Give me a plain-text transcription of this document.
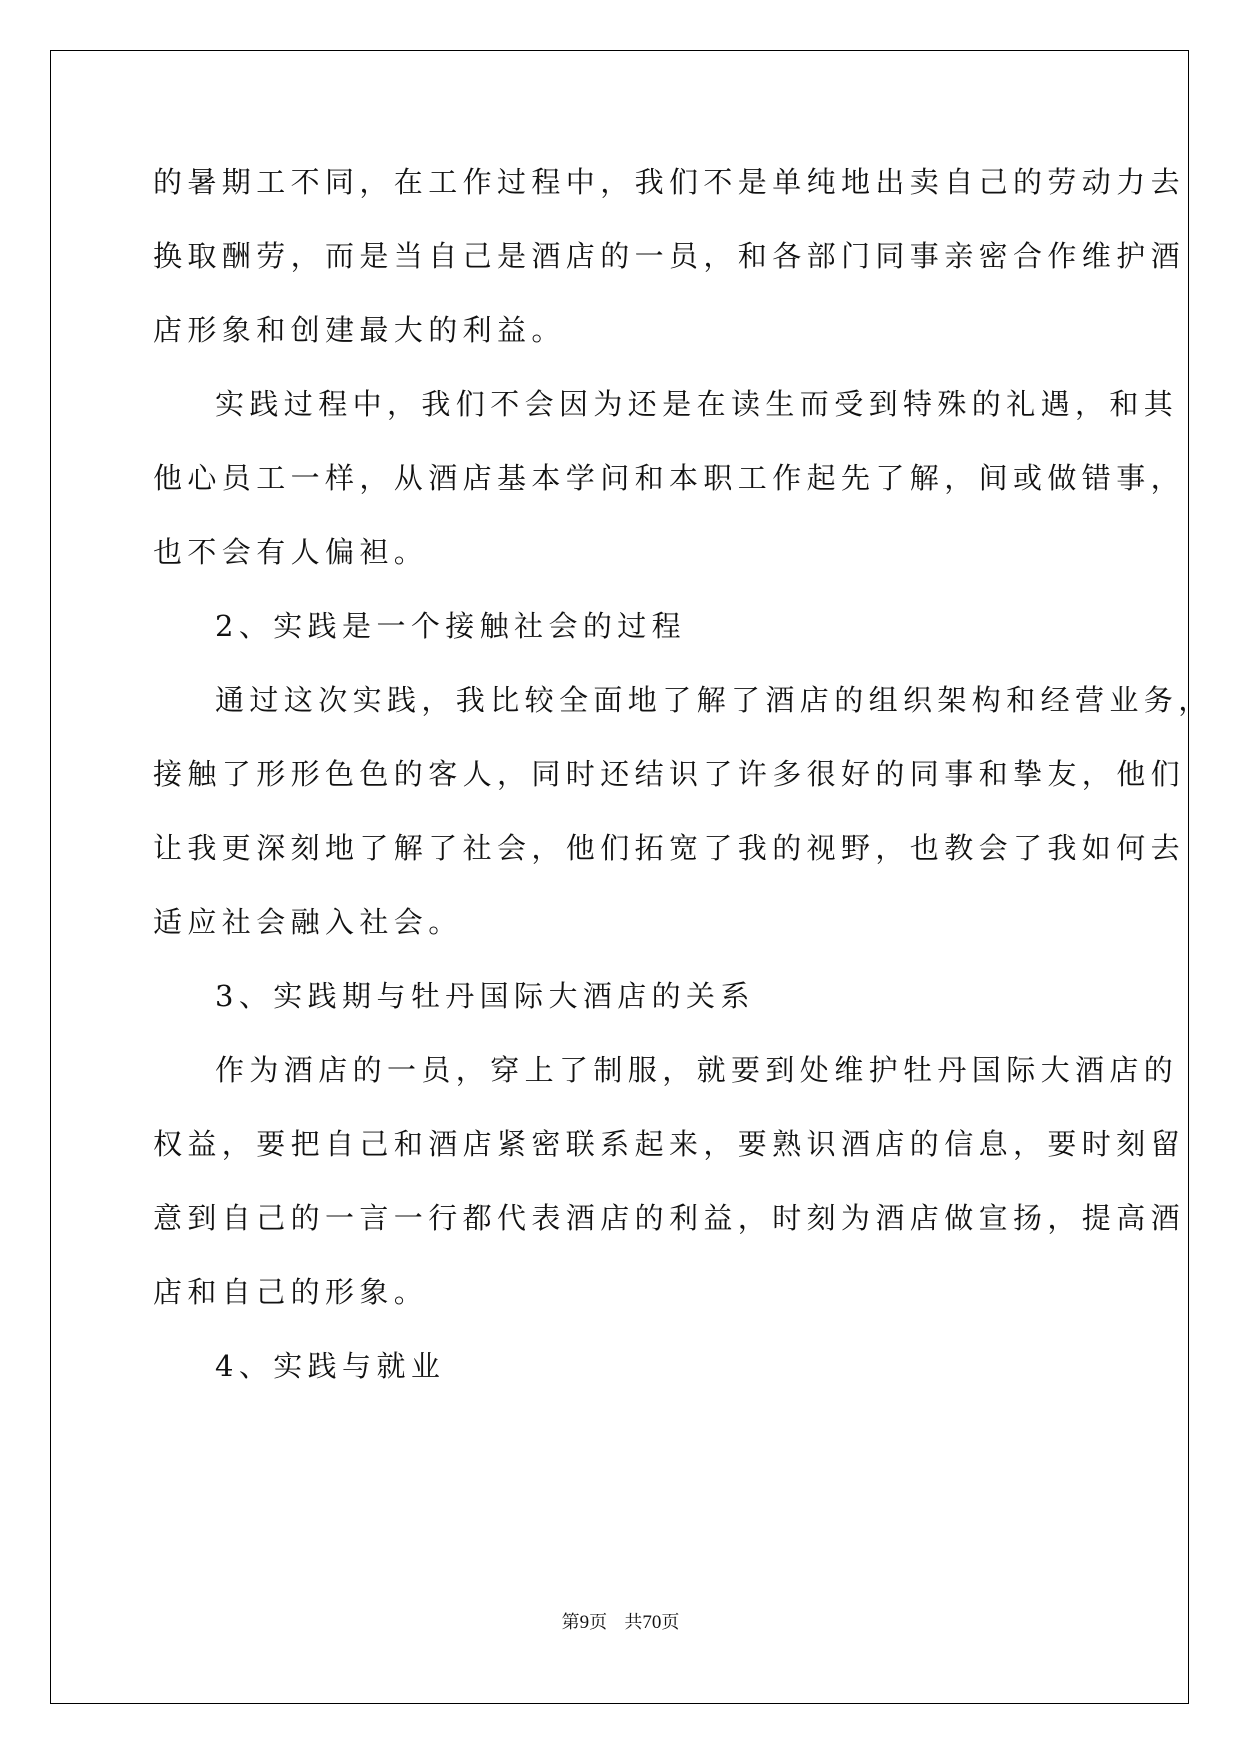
的暑期工不同，在工作过程中，我们不是单纯地出卖自己的劳动力去
换取酬劳，而是当自己是酒店的一员，和各部门同事亲密合作维护酒
店形象和创建最大的利益。
实践过程中，我们不会因为还是在读生而受到特殊的礼遇，和其
他心员工一样，从酒店基本学问和本职工作起先了解，间或做错事，
也不会有人偏袒。
2、实践是一个接触社会的过程
通过这次实践，我比较全面地了解了酒店的组织架构和经营业务，
接触了形形色色的客人，同时还结识了许多很好的同事和挚友，他们
让我更深刻地了解了社会，他们拓宽了我的视野，也教会了我如何去
适应社会融入社会。
3、实践期与牡丹国际大酒店的关系
作为酒店的一员，穿上了制服，就要到处维护牡丹国际大酒店的
权益，要把自己和酒店紧密联系起来，要熟识酒店的信息，要时刻留
意到自己的一言一行都代表酒店的利益，时刻为酒店做宣扬，提高酒
店和自己的形象。
4、实践与就业
第9页 共70页
